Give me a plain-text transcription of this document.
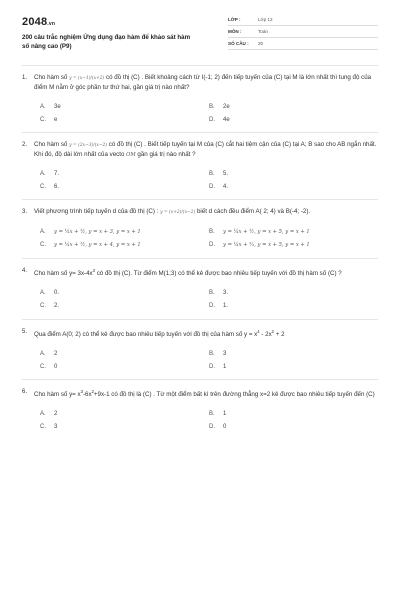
2048.vn
200 câu trắc nghiệm Ứng dụng đạo hàm để khảo sát hàm số nâng cao (P9)
LỚP :	Lớp 12
MÔN :	Toán
SỐ CÂU :	20
1.	Cho hàm số y = (x−1)/(x+2) có đồ thị (C) . Biết khoảng cách từ I(-1; 2) đến tiếp tuyến của (C) tại M là lớn nhất thì tung độ của điểm M nằm ở góc phần tư thứ hai, gần giá trị nào nhất?
A.	3e	B.	2e
C.	e	D.	4e
2.	Cho hàm số y = (2x−3)/(x−2) có đồ thị (C) . Biết tiếp tuyến tại M của (C) cắt hai tiệm cận của (C) tại A; B sao cho AB ngắn nhất. Khi đó, độ dài lớn nhất của vecto OM gần giá trị nào nhất ?
A.	7.	B.	5.
C.	6.	D.	4.
3.	Viết phương trình tiếp tuyến d của đồ thị (C) : y = (x+2)/(x−2) biết d cách đều điểm A( 2; 4) và B(-4; -2).
A.	y = ¼x + ½, y = x + 3, y = x + 1	B.	y = ¼x + ½, y = x + 5, y = x + 1
C.	y = ¼x + ½, y = x + 4, y = x + 1	D.	y = ¼x + ⁵⁄₂, y = x + 5, y = x + 1
4.	Cho hàm số $y= 3x-4x^3$ có đồ thị (C). Từ điểm M(1;3) có thể kẻ được bao nhiêu tiếp tuyến với đồ thị hàm số (C) ?
A.	0.	B.	3.
C.	2.	D.	1.
5.	Qua điểm A(0; 2) có thể kẻ được bao nhiêu tiếp tuyến với đồ thị của hàm số $y = x^4 - 2x^2 + 2$
A.	2	B.	3
C.	0	D.	1
6.	Cho hàm số $y= x^3-6x^2+9x-1$ có đồ thị là (C) . Từ một điểm bất kì trên đường thẳng x=2 kẻ được bao nhiêu tiếp tuyến đến (C)
A.	2	B.	1
C.	3	D.	0
